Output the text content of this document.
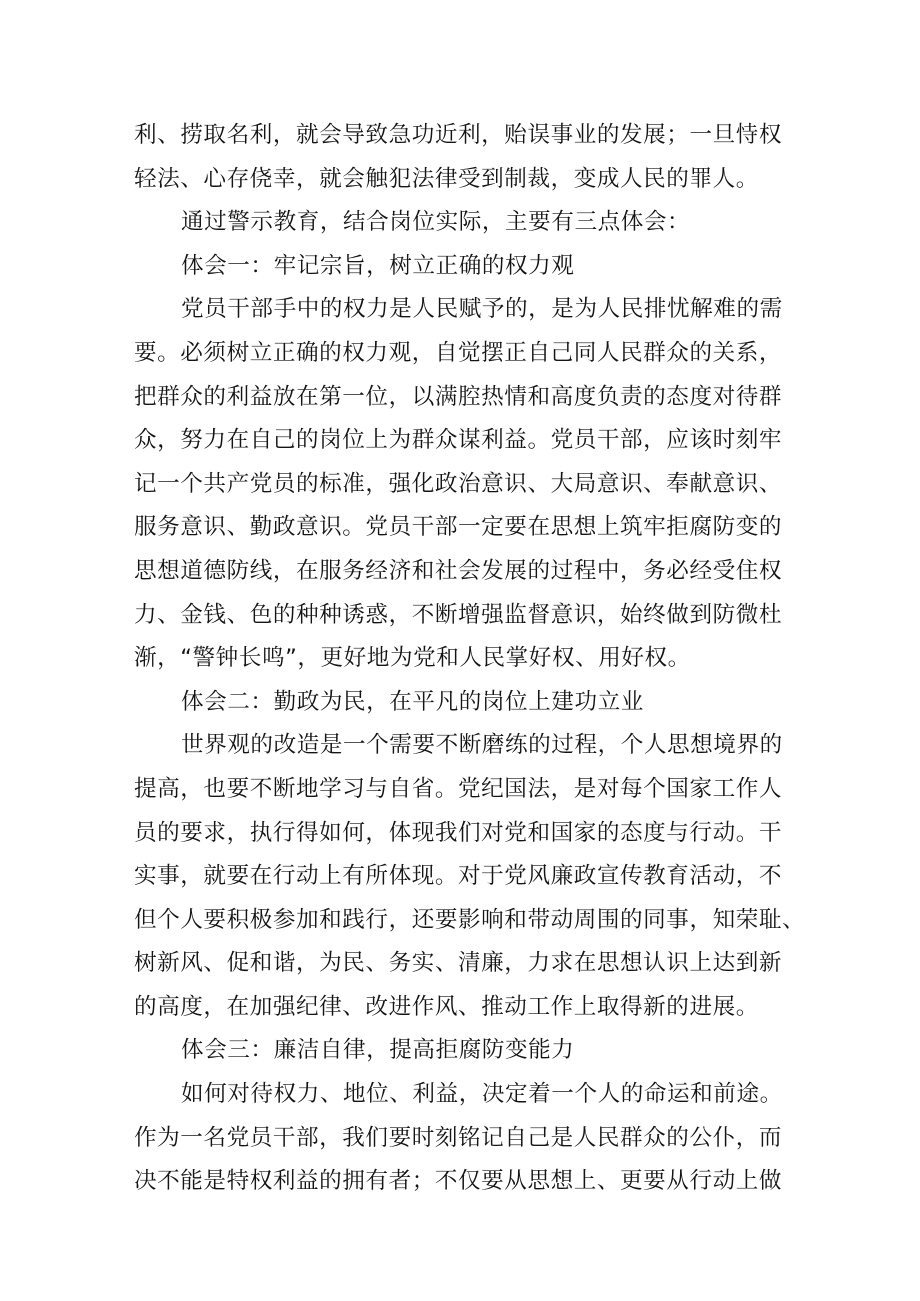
利、捞取名利，就会导致急功近利，贻误事业的发展；一旦恃权
轻法、心存侥幸，就会触犯法律受到制裁，变成人民的罪人。
通过警示教育，结合岗位实际，主要有三点体会：
体会一：牢记宗旨，树立正确的权力观
党员干部手中的权力是人民赋予的，是为人民排忧解难的需
要。必须树立正确的权力观，自觉摆正自己同人民群众的关系，
把群众的利益放在第一位，以满腔热情和高度负责的态度对待群
众，努力在自己的岗位上为群众谋利益。党员干部，应该时刻牢
记一个共产党员的标准，强化政治意识、大局意识、奉献意识、
服务意识、勤政意识。党员干部一定要在思想上筑牢拒腐防变的
思想道德防线，在服务经济和社会发展的过程中，务必经受住权
力、金钱、色的种种诱惑，不断增强监督意识，始终做到防微杜
渐，“警钟长鸣”，更好地为党和人民掌好权、用好权。
体会二：勤政为民，在平凡的岗位上建功立业
世界观的改造是一个需要不断磨练的过程，个人思想境界的
提高，也要不断地学习与自省。党纪国法，是对每个国家工作人
员的要求，执行得如何，体现我们对党和国家的态度与行动。干
实事，就要在行动上有所体现。对于党风廉政宣传教育活动，不
但个人要积极参加和践行，还要影响和带动周围的同事，知荣耻、
树新风、促和谐，为民、务实、清廉，力求在思想认识上达到新
的高度，在加强纪律、改进作风、推动工作上取得新的进展。
体会三：廉洁自律，提高拒腐防变能力
如何对待权力、地位、利益，决定着一个人的命运和前途。
作为一名党员干部，我们要时刻铭记自己是人民群众的公仆，而
决不能是特权利益的拥有者；不仅要从思想上、更要从行动上做
